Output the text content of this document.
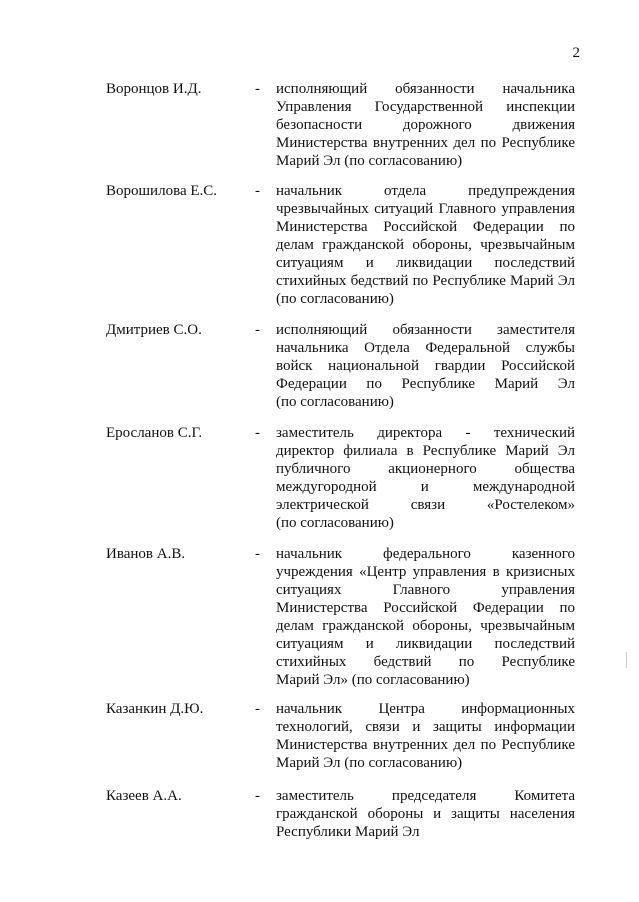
2
Воронцов И.Д.	- исполняющий обязанности начальника
Управления Государственной инспекции
безопасности дорожного движения
Министерства внутренних дел по Республике
Марий Эл (по согласованию)
Ворошилова Е.С.	- начальник отдела предупреждения
чрезвычайных ситуаций Главного управления
Министерства Российской Федерации по
делам гражданской обороны, чрезвычайным
ситуациям и ликвидации последствий
стихийных бедствий по Республике Марий Эл
(по согласованию)
Дмитриев С.О.	- исполняющий обязанности заместителя
начальника Отдела Федеральной службы
войск национальной гвардии Российской
Федерации по Республике Марий Эл
(по согласованию)
Еросланов С.Г.	- заместитель директора - технический
директор филиала в Республике Марий Эл
публичного акционерного общества
междугородной и международной
электрической связи «Ростелеком»
(по согласованию)
Иванов А.В.	- начальник федерального казенного
учреждения «Центр управления в кризисных
ситуациях Главного управления
Министерства Российской Федерации по
делам гражданской обороны, чрезвычайным
ситуациям и ликвидации последствий
стихийных бедствий по Республике
Марий Эл» (по согласованию)
Казанкин Д.Ю.	- начальник Центра информационных
технологий, связи и защиты информации
Министерства внутренних дел по Республике
Марий Эл (по согласованию)
Казеев А.А.	- заместитель председателя Комитета
гражданской обороны и защиты населения
Республики Марий Эл
